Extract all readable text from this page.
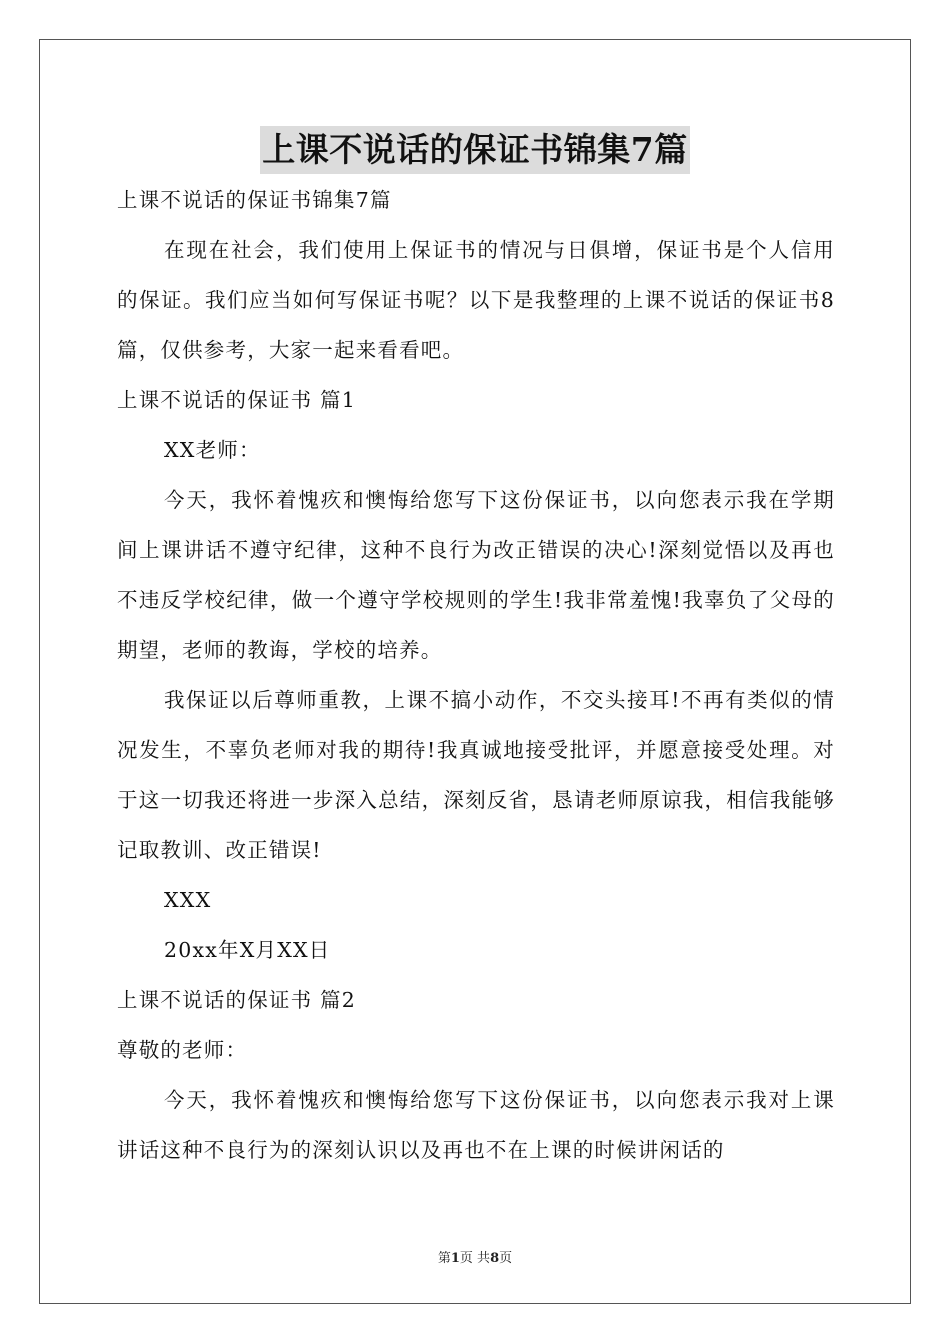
上课不说话的保证书锦集7篇

上课不说话的保证书锦集7篇

在现在社会，我们使用上保证书的情况与日俱增，保证书是个人信用的保证。我们应当如何写保证书呢？以下是我整理的上课不说话的保证书8篇，仅供参考，大家一起来看看吧。

上课不说话的保证书 篇1

XX老师：

今天，我怀着愧疚和懊悔给您写下这份保证书，以向您表示我在学期间上课讲话不遵守纪律，这种不良行为改正错误的决心!深刻觉悟以及再也不违反学校纪律，做一个遵守学校规则的学生!我非常羞愧!我辜负了父母的期望，老师的教诲，学校的培养。

我保证以后尊师重教，上课不搞小动作，不交头接耳!不再有类似的情况发生，不辜负老师对我的期待!我真诚地接受批评，并愿意接受处理。对于这一切我还将进一步深入总结，深刻反省，恳请老师原谅我，相信我能够记取教训、改正错误!

XXX

20xx年X月XX日

上课不说话的保证书 篇2

尊敬的老师：

今天，我怀着愧疚和懊悔给您写下这份保证书，以向您表示我对上课讲话这种不良行为的深刻认识以及再也不在上课的时候讲闲话的

第1页 共8页
